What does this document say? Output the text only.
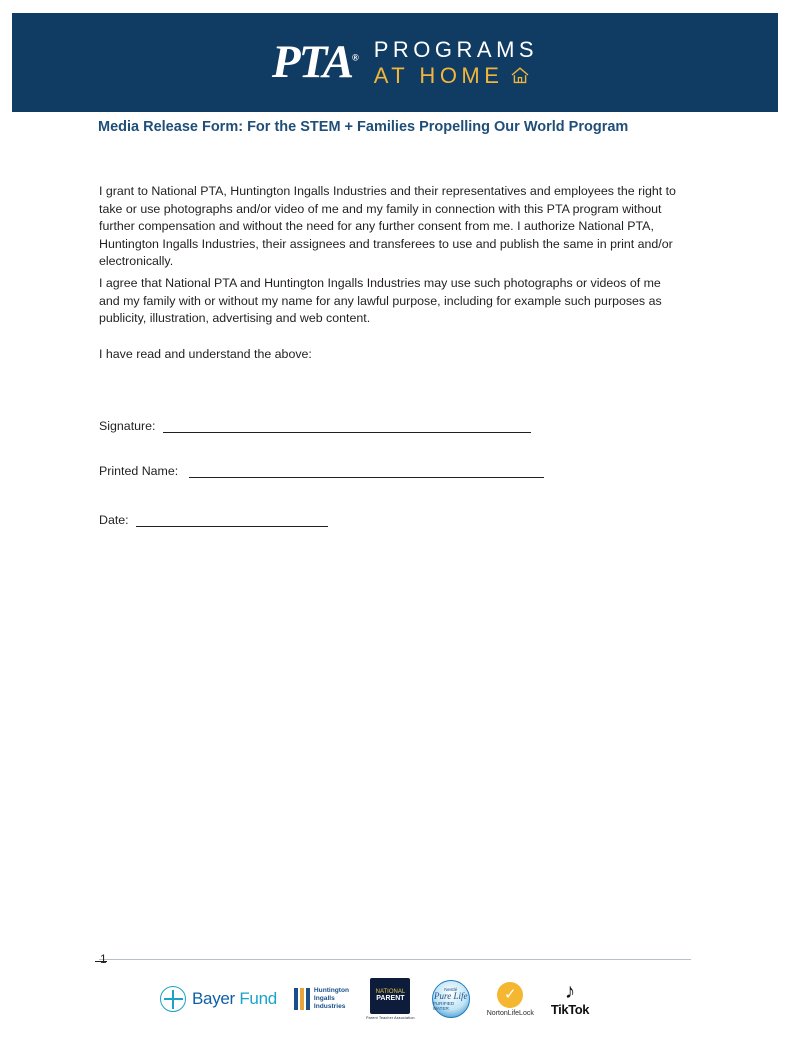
PTA® PROGRAMS
AT HOME
Media Release Form: For the STEM + Families Propelling Our World Program
I grant to National PTA, Huntington Ingalls Industries and their representatives and employees the right to take or use photographs and/or video of me and my family in connection with this PTA program without further compensation and without the need for any further consent from me. I authorize National PTA, Huntington Ingalls Industries, their assignees and transferees to use and publish the same in print and/or electronically.
I agree that National PTA and Huntington Ingalls Industries may use such photographs or videos of me and my family with or without my name for any lawful purpose, including for example such purposes as publicity, illustration, advertising and web content.
I have read and understand the above:
Signature:
Printed Name:
Date:
1
Bayer Fund	Huntington
Ingalls
Industries
NATIONAL
PARENT
Parent Teacher Association
Nestlé
Pure Life
PURIFIED WATER
✓
NortonLifeLock
♪
TikTok
